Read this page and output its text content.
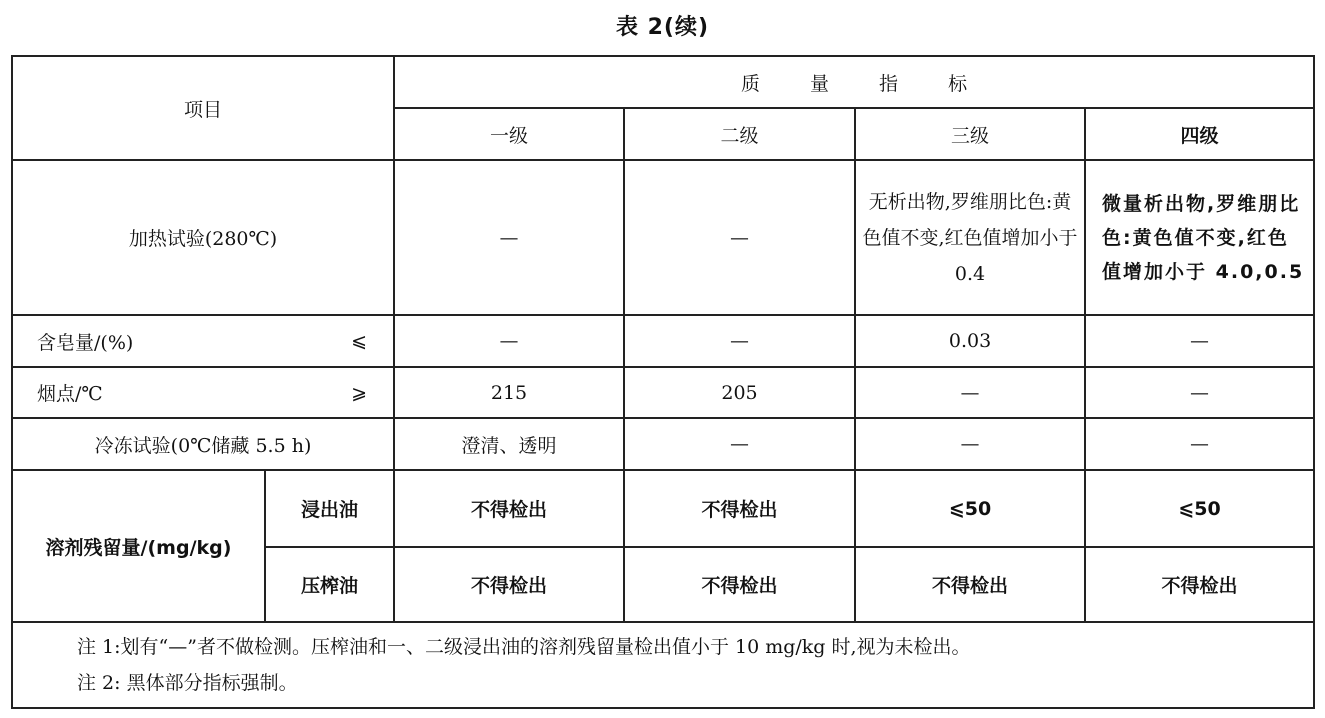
表 2(续)
项目		质 量 指 标			
		一级	二级	三级	四级
加热试验(280℃)		—	—	无析出物,罗维朋比色:黄色值不变,红色值增加小于 0.4	微量析出物,罗维朋比色:黄色值不变,红色值增加小于 4.0,0.5

含皂量/(%) ⩽		—	—	0.03	—

烟点/℃ ⩾		215	205	—	—
冷冻试验(0℃储藏 5.5 h)		澄清、透明	—	—	—
溶剂残留量/(mg/kg)	浸出油	不得检出	不得检出	⩽50	⩽50
	压榨油	不得检出	不得检出	不得检出	不得检出

注 1:划有“—”者不做检测。压榨油和一、二级浸出油的溶剂残留量检出值小于 10 mg/kg 时,视为未检出。
注 2: 黑体部分指标强制。					
